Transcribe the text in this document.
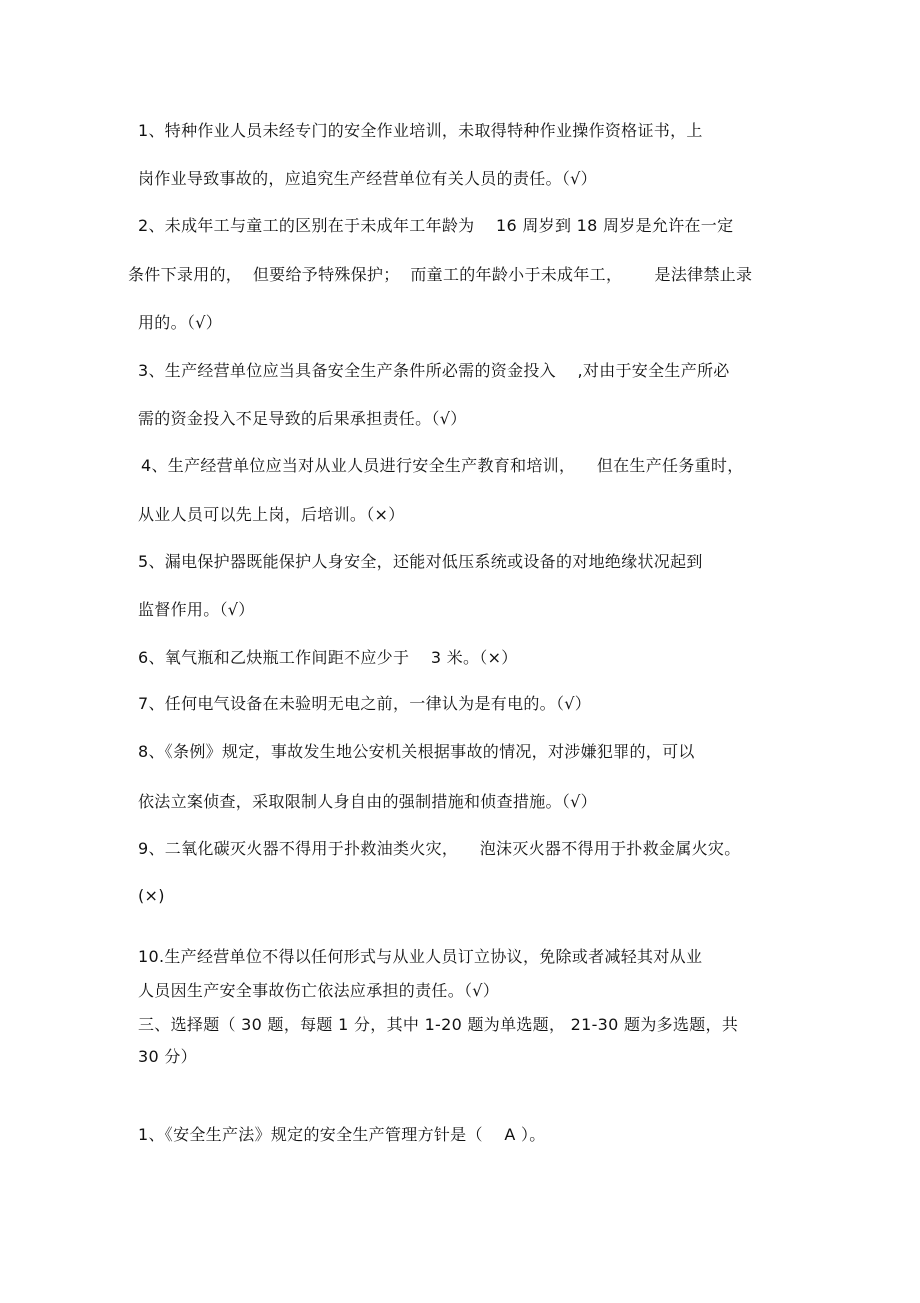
1、特种作业人员未经专门的安全作业培训，未取得特种作业操作资格证书，上
岗作业导致事故的，应追究生产经营单位有关人员的责任。（√）
2、未成年工与童工的区别在于未成年工年龄为    16 周岁到 18 周岁是允许在一定
条件下录用的，  但要给予特殊保护；  而童工的年龄小于未成年工，      是法律禁止录
用的。（√）
3、生产经营单位应当具备安全生产条件所必需的资金投入    ,对由于安全生产所必
需的资金投入不足导致的后果承担责任。（√）
4、生产经营单位应当对从业人员进行安全生产教育和培训，    但在生产任务重时，
从业人员可以先上岗，后培训。（×）
5、漏电保护器既能保护人身安全，还能对低压系统或设备的对地绝缘状况起到
监督作用。（√）
6、氧气瓶和乙炔瓶工作间距不应少于    3 米。（×）
7、任何电气设备在未验明无电之前，一律认为是有电的。（√）
8、《条例》规定，事故发生地公安机关根据事故的情况，对涉嫌犯罪的，可以
依法立案侦查，采取限制人身自由的强制措施和侦查措施。（√）
9、二氧化碳灭火器不得用于扑救油类火灾，    泡沫灭火器不得用于扑救金属火灾。
(×)
10.生产经营单位不得以任何形式与从业人员订立协议，免除或者减轻其对从业
人员因生产安全事故伤亡依法应承担的责任。（√）
三、选择题（ 30 题，每题 1 分，其中 1-20 题为单选题， 21-30 题为多选题，共
30 分）
1、《安全生产法》规定的安全生产管理方针是（    A ）。
